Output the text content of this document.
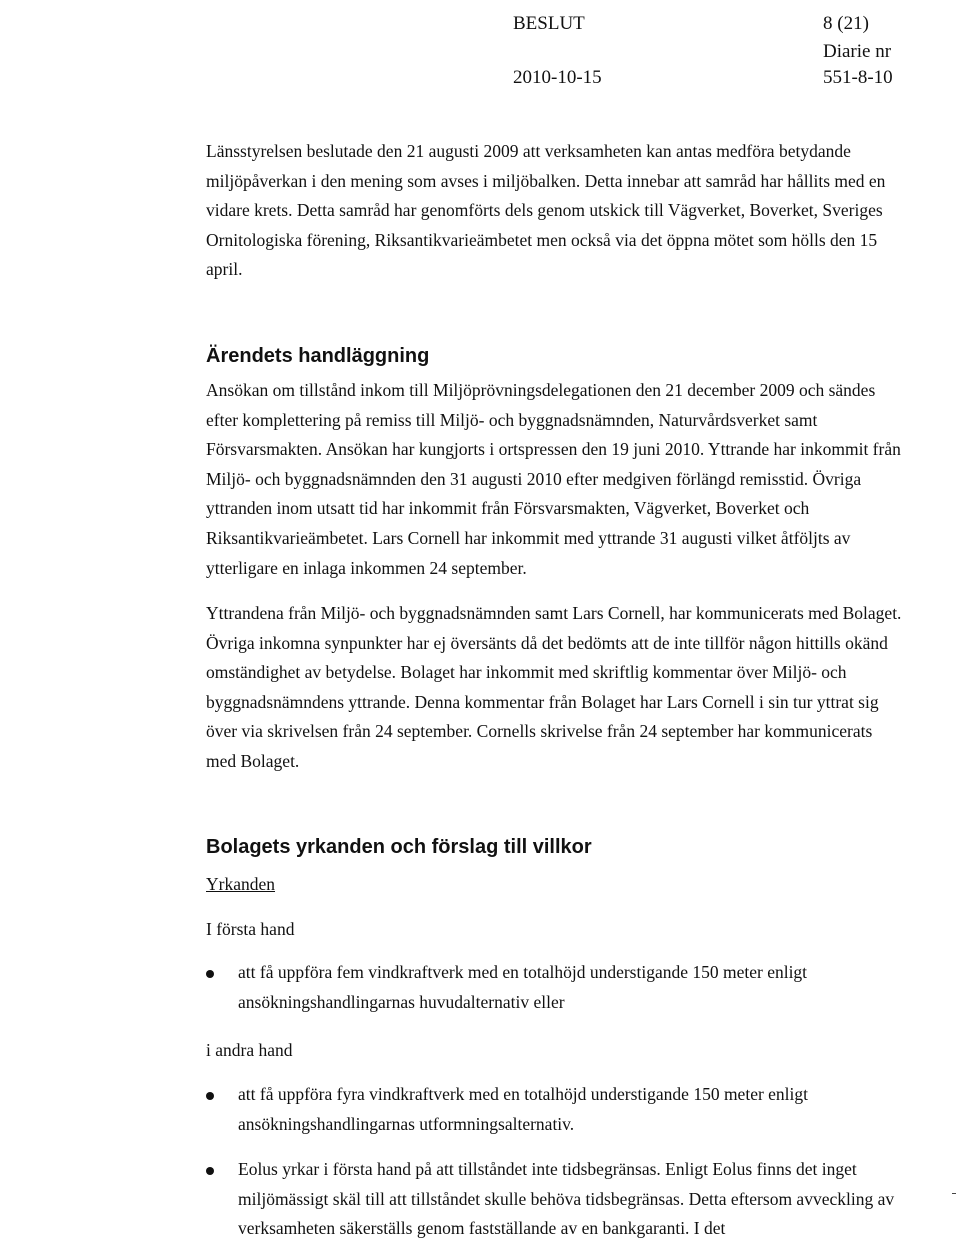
BESLUT	8 (21)
Diarie nr
2010-10-15	551-8-10

Länsstyrelsen beslutade den 21 augusti 2009 att verksamheten kan antas medföra betydande miljöpåverkan i den mening som avses i miljöbalken. Detta innebar att samråd har hållits med en vidare krets. Detta samråd har genomförts dels genom utskick till Vägverket, Boverket, Sveriges Ornitologiska förening, Riksantikvarieämbetet men också via det öppna mötet som hölls den 15 april.

Ärendets handläggning

Ansökan om tillstånd inkom till Miljöprövningsdelegationen den 21 december 2009 och sändes efter komplettering på remiss till Miljö- och byggnadsnämnden, Naturvårdsverket samt Försvarsmakten. Ansökan har kungjorts i ortspressen den 19 juni 2010. Yttrande har inkommit från Miljö- och byggnadsnämnden den 31 augusti 2010 efter medgiven förlängd remisstid. Övriga yttranden inom utsatt tid har inkommit från Försvarsmakten, Vägverket, Boverket och Riksantikvarieämbetet. Lars Cornell har inkommit med yttrande 31 augusti vilket åtföljts av ytterligare en inlaga inkommen 24 september.

Yttrandena från Miljö- och byggnadsnämnden samt Lars Cornell, har kommunicerats med Bolaget. Övriga inkomna synpunkter har ej översänts då det bedömts att de inte tillför någon hittills okänd omständighet av betydelse. Bolaget har inkommit med skriftlig kommentar över Miljö- och byggnadsnämndens yttrande. Denna kommentar från Bolaget har Lars Cornell i sin tur yttrat sig över via skrivelsen från 24 september. Cornells skrivelse från 24 september har kommunicerats med Bolaget.

Bolagets yrkanden och förslag till villkor
Yrkanden
I första hand

att få uppföra fem vindkraftverk med en totalhöjd understigande 150 meter enligt ansökningshandlingarnas huvudalternativ eller

i andra hand

att få uppföra fyra vindkraftverk med en totalhöjd understigande 150 meter enligt ansökningshandlingarnas utformningsalternativ.

Eolus yrkar i första hand på att tillståndet inte tidsbegränsas. Enligt Eolus finns det inget miljömässigt skäl till att tillståndet skulle behöva tidsbegränsas. Detta eftersom avveckling av verksamheten säkerställs genom fastställande av en bankgaranti. I det
